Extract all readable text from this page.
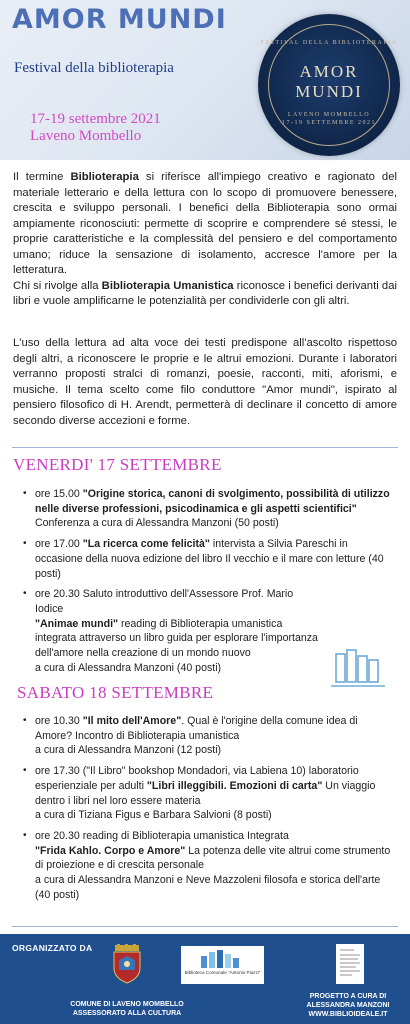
AMOR MUNDI
Festival della biblioterapia
17-19 settembre 2021
Laveno Mombello
FESTIVAL DELLA BIBLIOTERAPIA
AMOR
MUNDI
LAVENO MOMBELLO
17-19 SETTEMBRE 2021
Il termine Biblioterapia si riferisce all'impiego creativo e ragionato del materiale letterario e della lettura con lo scopo di promuovere benessere, crescita e sviluppo personali. I benefici della Biblioterapia sono ormai ampiamente riconosciuti: permette di scoprire e comprendere sé stessi, le proprie caratteristiche e la complessità del pensiero e del comportamento umano; riduce la sensazione di isolamento, accresce l'amore per la letteratura.
Chi si rivolge alla Biblioterapia Umanistica riconosce i benefici derivanti dai libri e vuole amplificarne le potenzialità per condividerle con gli altri.
L'uso della lettura ad alta voce dei testi predispone all'ascolto rispettoso degli altri, a riconoscere le proprie e le altrui emozioni. Durante i laboratori verranno proposti stralci di romanzi, poesie, racconti, miti, aforismi, e musiche. Il tema scelto come filo conduttore "Amor mundi", ispirato al pensiero filosofico di H. Arendt, permetterà di declinare il concetto di amore secondo diverse accezioni e forme.
VENERDI' 17 SETTEMBRE
• ore 15.00 "Origine storica, canoni di svolgimento, possibilità di utilizzo nelle diverse professioni, psicodinamica e gli aspetti scientifici" Conferenza a cura di Alessandra Manzoni (50 posti)
• ore 17.00 "La ricerca come felicità" intervista a Silvia Pareschi in occasione della nuova edizione del libro Il vecchio e il mare con letture (40 posti)
• ore 20.30 Saluto introduttivo dell'Assessore Prof. Mario Iodice
"Animae mundi" reading di Biblioterapia umanistica integrata attraverso un libro guida per esplorare l'importanza dell'amore nella creazione di un mondo nuovo
a cura di Alessandra Manzoni (40 posti)
SABATO 18 SETTEMBRE
• ore 10.30 "Il mito dell'Amore". Qual è l'origine della comune idea di Amore? Incontro di Biblioterapia umanistica
a cura di Alessandra Manzoni (12 posti)
• ore 17.30 ("Il Libro" bookshop Mondadori, via Labiena 10) laboratorio esperienziale per adulti "Libri illeggibili. Emozioni di carta" Un viaggio dentro i libri nel loro essere materia
a cura di Tiziana Figus e Barbara Salvioni (8 posti)
• ore 20.30 reading di Biblioterapia umanistica Integrata
"Frida Kahlo. Corpo e Amore" La potenza delle vite altrui come strumento di proiezione e di crescita personale
a cura di Alessandra Manzoni e Neve Mazzoleni filosofa e storica dell'arte (40 posti)
ORGANIZZATO DA
COMUNE DI LAVENO MOMBELLO
ASSESSORATO ALLA CULTURA
Biblioteca Comunale "Antonio Piazzi"
PROGETTO A CURA DI
ALESSANDRA MANZONI
WWW.BIBLIOIDEALE.IT
